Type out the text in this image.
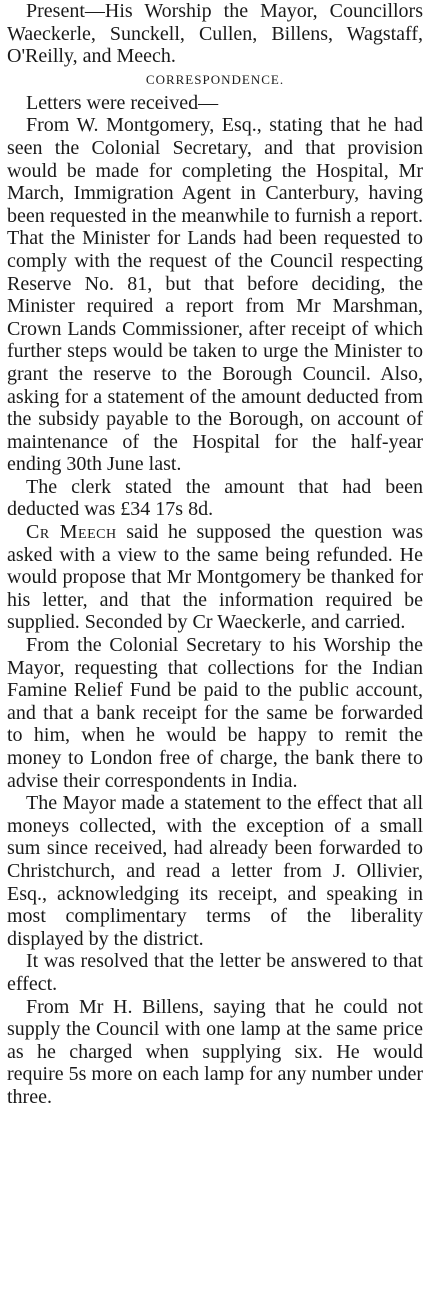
Present—His Worship the Mayor, Councillors Waeckerle, Sunckell, Cullen, Billens, Wagstaff, O'Reilly, and Meech.

CORRESPONDENCE.

Letters were received—

From W. Montgomery, Esq., stating that he had seen the Colonial Secretary, and that provision would be made for completing the Hospital, Mr March, Immigration Agent in Canterbury, having been requested in the meanwhile to furnish a report. That the Minister for Lands had been requested to comply with the request of the Council respecting Reserve No. 81, but that before deciding, the Minister required a report from Mr Marshman, Crown Lands Commissioner, after receipt of which further steps would be taken to urge the Minister to grant the reserve to the Borough Council. Also, asking for a statement of the amount deducted from the subsidy payable to the Borough, on account of maintenance of the Hospital for the half-year ending 30th June last.

The clerk stated the amount that had been deducted was £34 17s 8d.

Cr Meech said he supposed the question was asked with a view to the same being refunded. He would propose that Mr Montgomery be thanked for his letter, and that the information required be supplied. Seconded by Cr Waeckerle, and carried.

From the Colonial Secretary to his Worship the Mayor, requesting that collections for the Indian Famine Relief Fund be paid to the public account, and that a bank receipt for the same be forwarded to him, when he would be happy to remit the money to London free of charge, the bank there to advise their correspondents in India.

The Mayor made a statement to the effect that all moneys collected, with the exception of a small sum since received, had already been forwarded to Christchurch, and read a letter from J. Ollivier, Esq., acknowledging its receipt, and speaking in most complimentary terms of the liberality displayed by the district.

It was resolved that the letter be answered to that effect.

From Mr H. Billens, saying that he could not supply the Council with one lamp at the same price as he charged when supplying six. He would require 5s more on each lamp for any number under three.
